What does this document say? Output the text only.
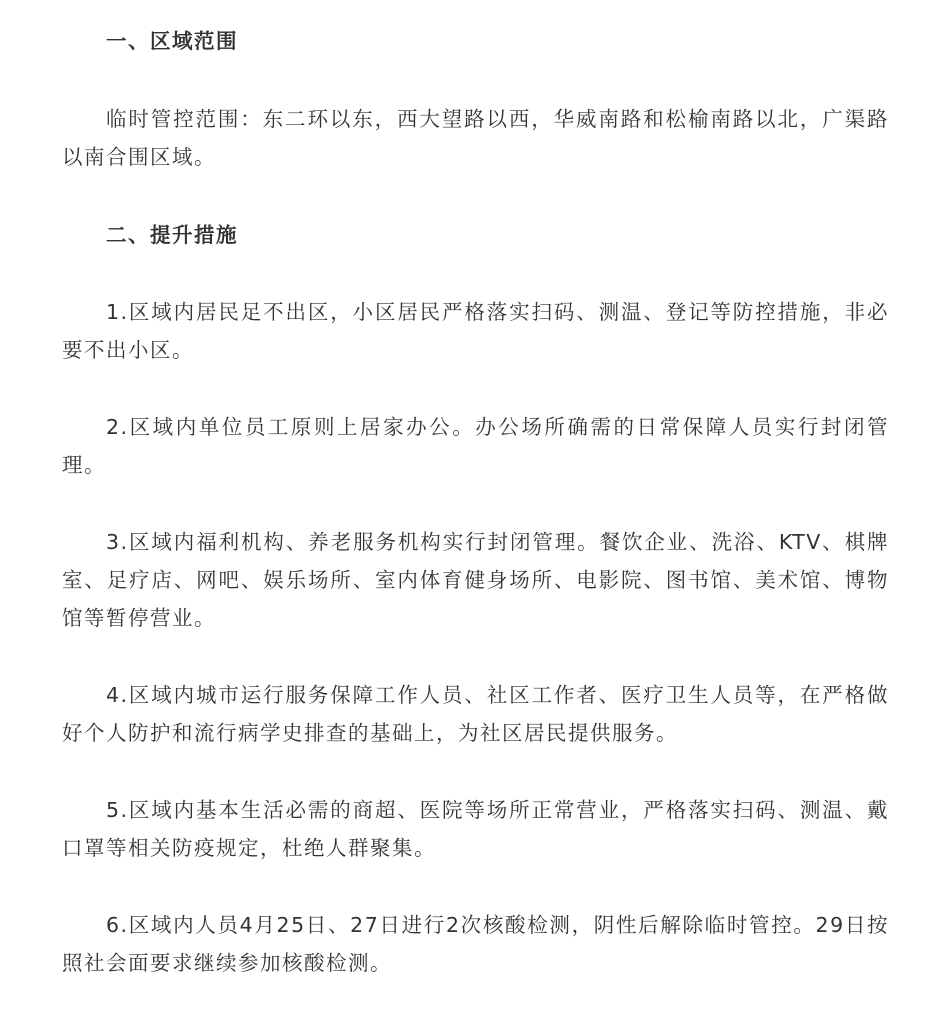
一、区域范围

临时管控范围：东二环以东，西大望路以西，华威南路和松榆南路以北，广渠路以南合围区域。

二、提升措施

1.区域内居民足不出区，小区居民严格落实扫码、测温、登记等防控措施，非必要不出小区。

2.区域内单位员工原则上居家办公。办公场所确需的日常保障人员实行封闭管理。

3.区域内福利机构、养老服务机构实行封闭管理。餐饮企业、洗浴、KTV、棋牌室、足疗店、网吧、娱乐场所、室内体育健身场所、电影院、图书馆、美术馆、博物馆等暂停营业。

4.区域内城市运行服务保障工作人员、社区工作者、医疗卫生人员等，在严格做好个人防护和流行病学史排查的基础上，为社区居民提供服务。

5.区域内基本生活必需的商超、医院等场所正常营业，严格落实扫码、测温、戴口罩等相关防疫规定，杜绝人群聚集。

6.区域内人员4月25日、27日进行2次核酸检测，阴性后解除临时管控。29日按照社会面要求继续参加核酸检测。
